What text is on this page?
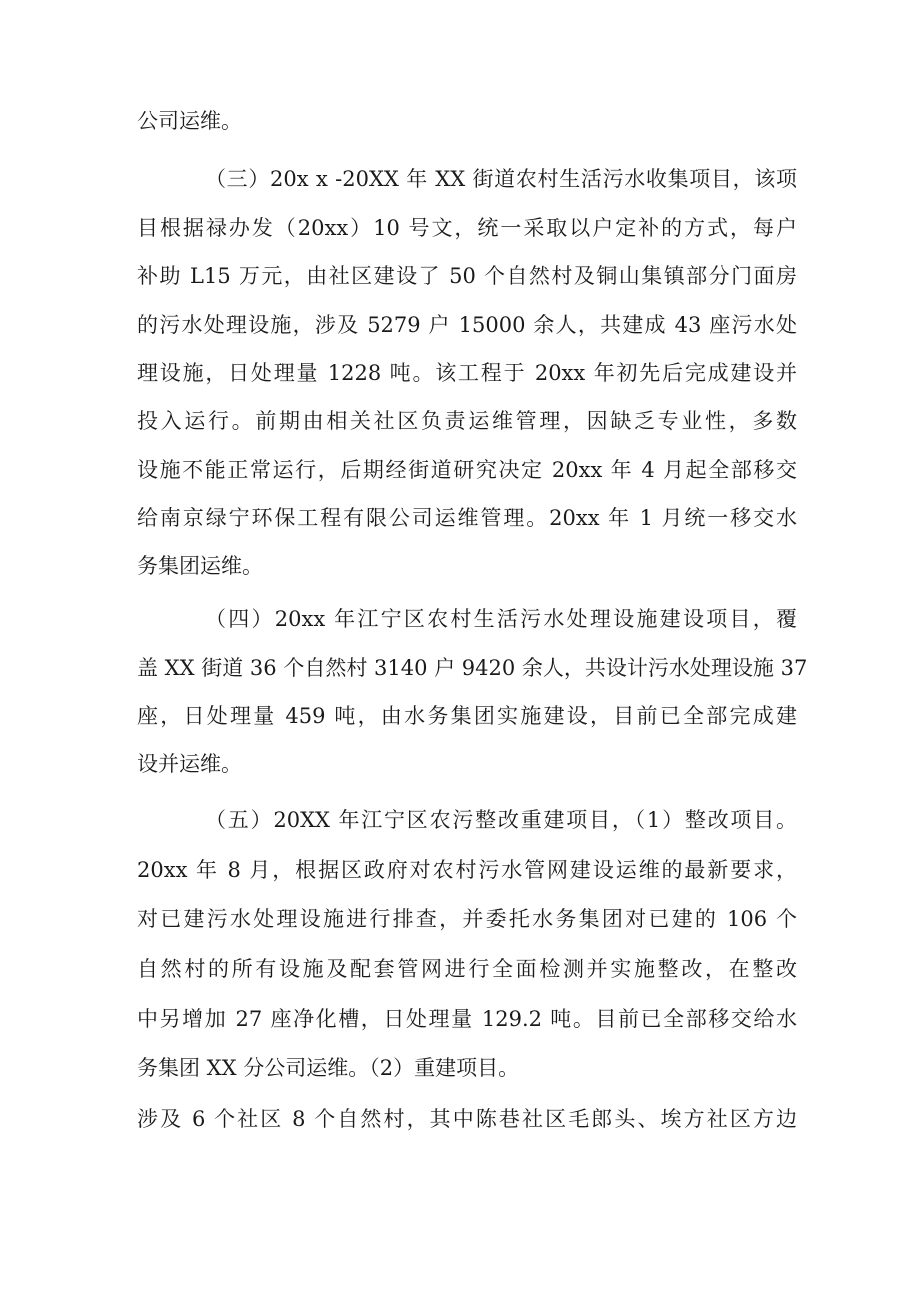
公司运维。

（三）20x x -20XX 年 XX 街道农村生活污水收集项目，该项

目根据禄办发（20xx）10 号文，统一采取以户定补的方式，每户

补助 L15 万元，由社区建设了 50 个自然村及铜山集镇部分门面房

的污水处理设施，涉及 5279 户 15000 余人，共建成 43 座污水处

理设施，日处理量 1228 吨。该工程于 20xx 年初先后完成建设并

投入运行。前期由相关社区负责运维管理，因缺乏专业性，多数

设施不能正常运行，后期经街道研究决定 20xx 年 4 月起全部移交

给南京绿宁环保工程有限公司运维管理。20xx 年 1 月统一移交水

务集团运维。

（四）20xx 年江宁区农村生活污水处理设施建设项目，覆

盖 XX 街道 36 个自然村 3140 户 9420 余人，共设计污水处理设施 37

座，日处理量 459 吨，由水务集团实施建设，目前已全部完成建

设并运维。

（五）20XX 年江宁区农污整改重建项目，（1）整改项目。

20xx 年 8 月，根据区政府对农村污水管网建设运维的最新要求，

对已建污水处理设施进行排查，并委托水务集团对已建的 106 个

自然村的所有设施及配套管网进行全面检测并实施整改，在整改

中另增加 27 座净化槽，日处理量 129.2 吨。目前已全部移交给水

务集团 XX 分公司运维。（2）重建项目。

涉及 6 个社区 8 个自然村，其中陈巷社区毛郎头、埃方社区方边
